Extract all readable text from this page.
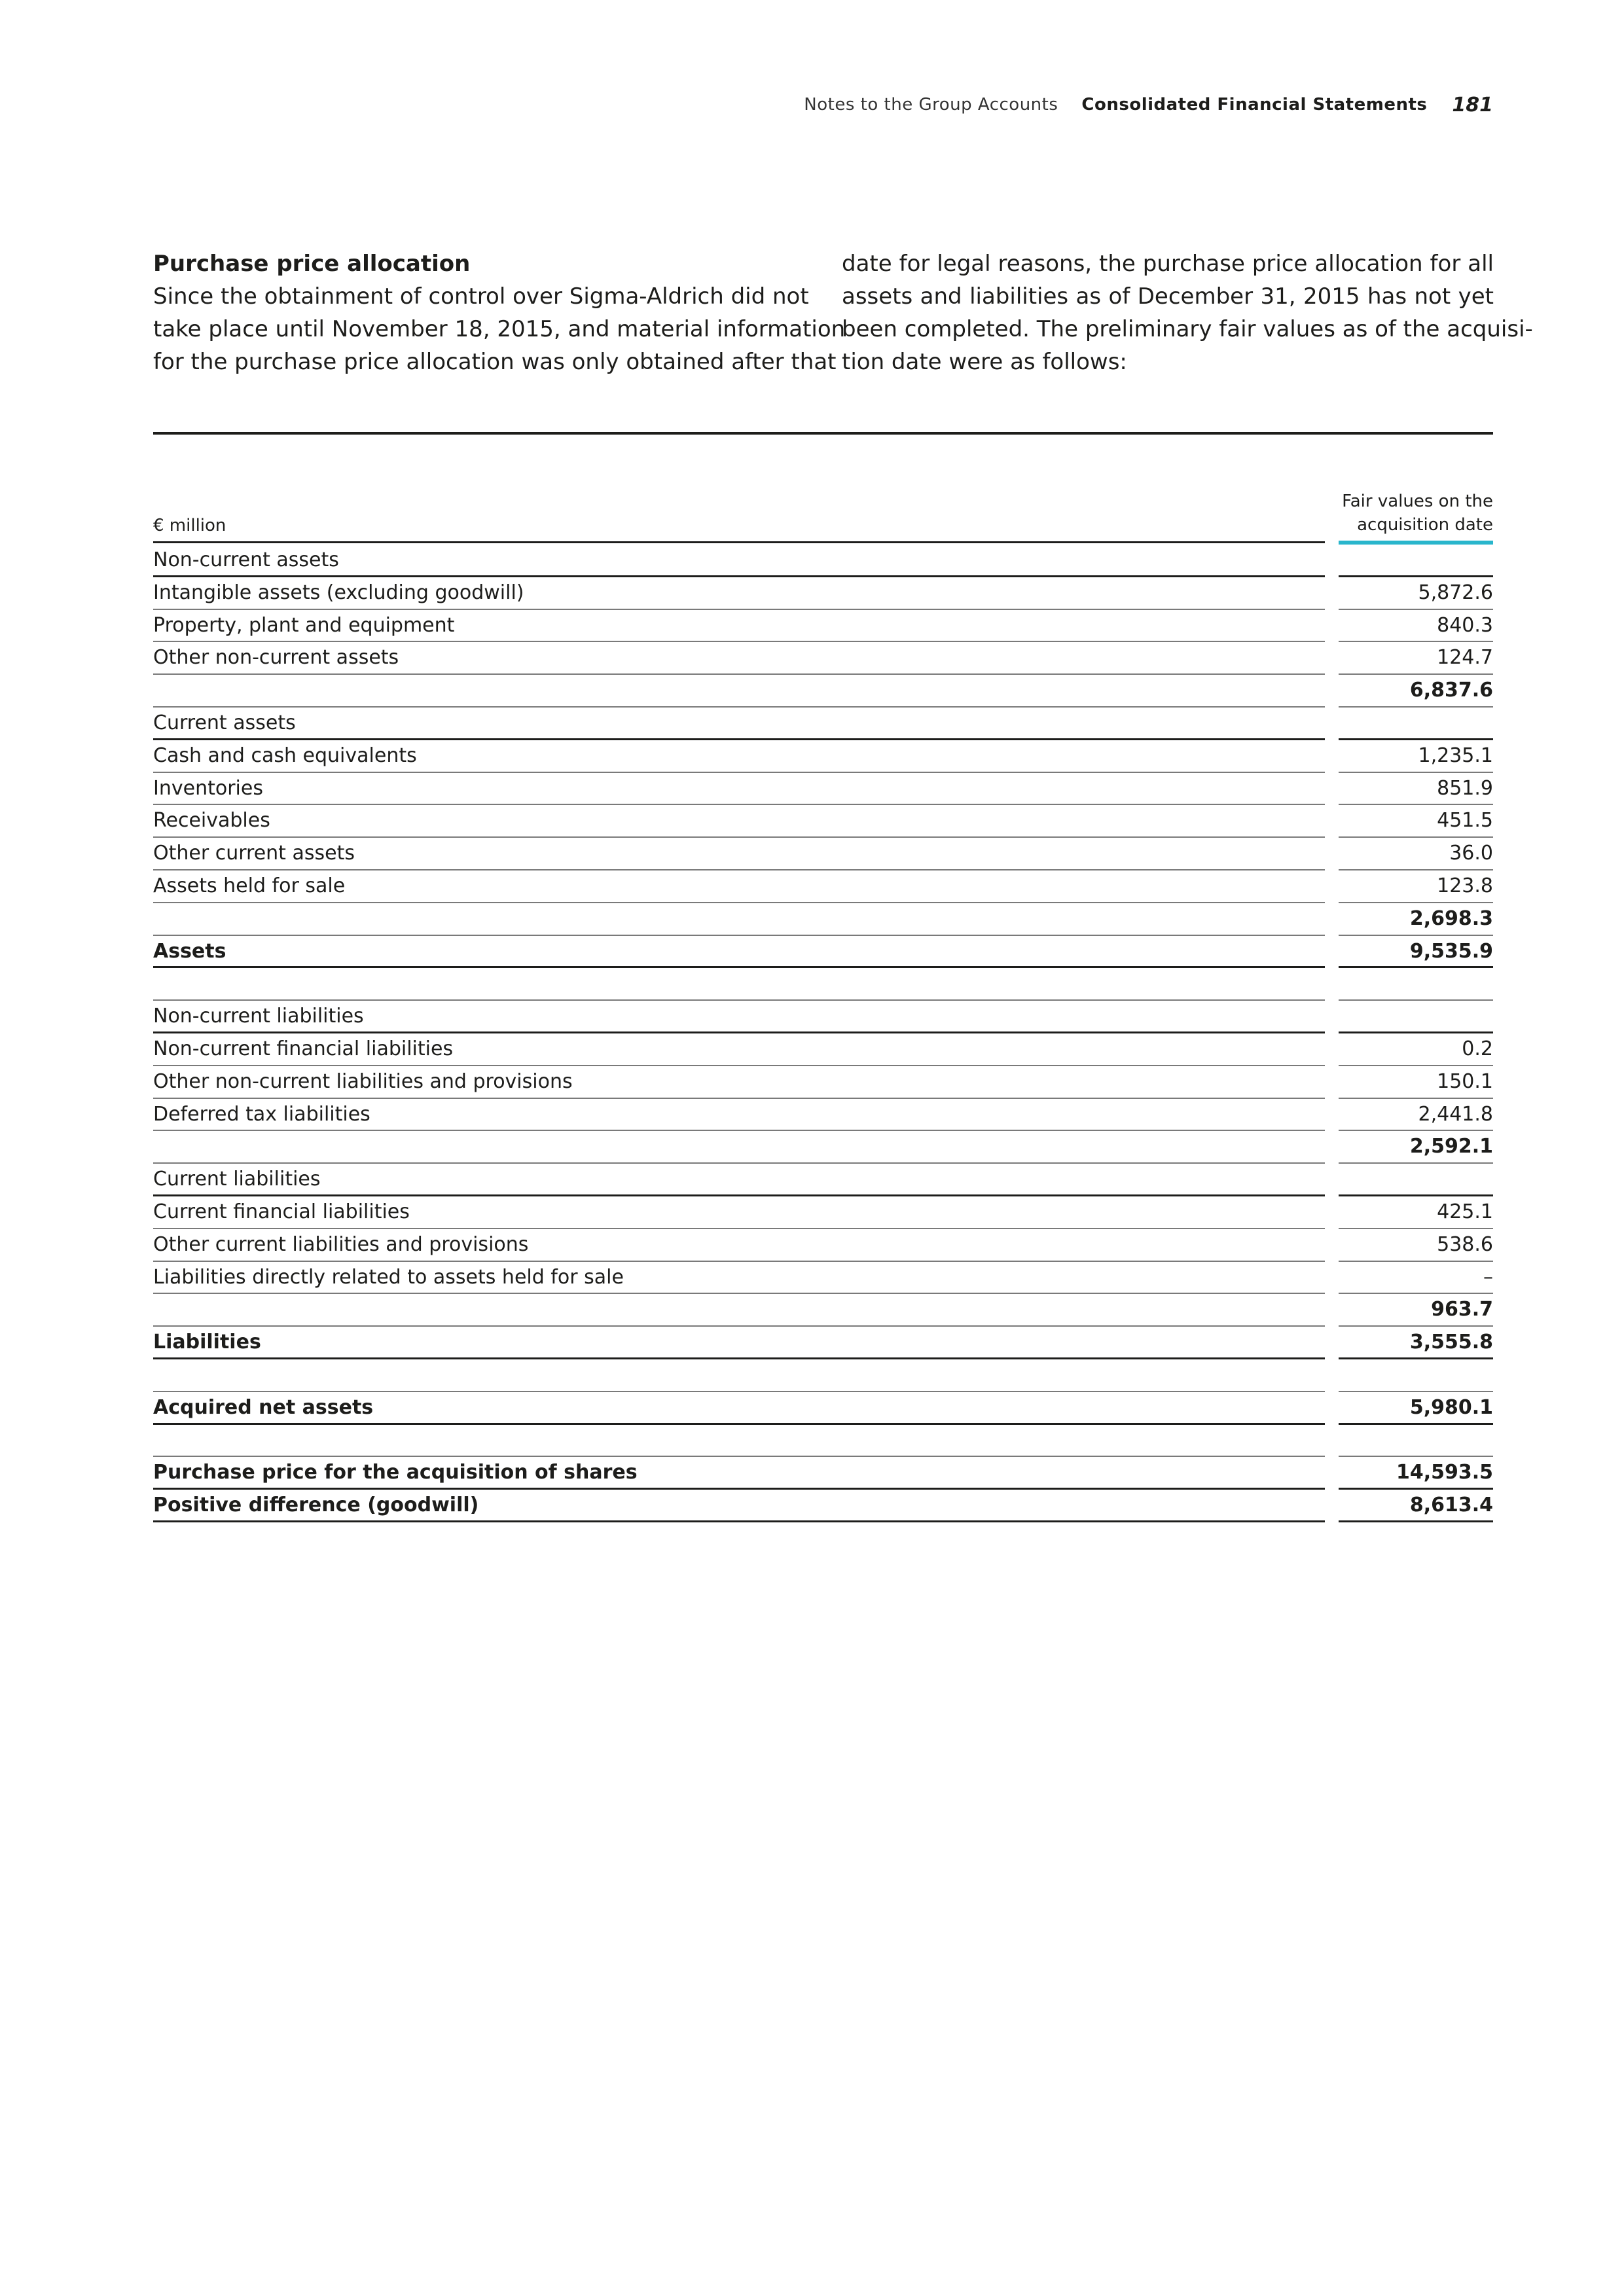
Notes to the Group Accounts Consolidated Financial Statements 181
Purchase price allocation
Since the obtainment of control over Sigma-Aldrich did not
take place until November 18, 2015, and material information
for the purchase price allocation was only obtained after that
date for legal reasons, the purchase price allocation for all
assets and liabilities as of December 31, 2015 has not yet
been completed. The preliminary fair values as of the acquisi-
tion date were as follows:
€ million
Fair values on the
acquisition date
Non-current assets
Intangible assets (excluding goodwill)	5,872.6
Property, plant and equipment	840.3
Other non-current assets	124.7
6,837.6
Current assets
Cash and cash equivalents	1,235.1
Inventories	851.9
Receivables	451.5
Other current assets	36.0
Assets held for sale	123.8
2,698.3
Assets	9,535.9
Non-current liabilities
Non-current financial liabilities	0.2
Other non-current liabilities and provisions	150.1
Deferred tax liabilities	2,441.8
2,592.1
Current liabilities
Current financial liabilities	425.1
Other current liabilities and provisions	538.6
Liabilities directly related to assets held for sale	–
963.7
Liabilities	3,555.8
Acquired net assets	5,980.1
Purchase price for the acquisition of shares	14,593.5
Positive difference (goodwill)	8,613.4
